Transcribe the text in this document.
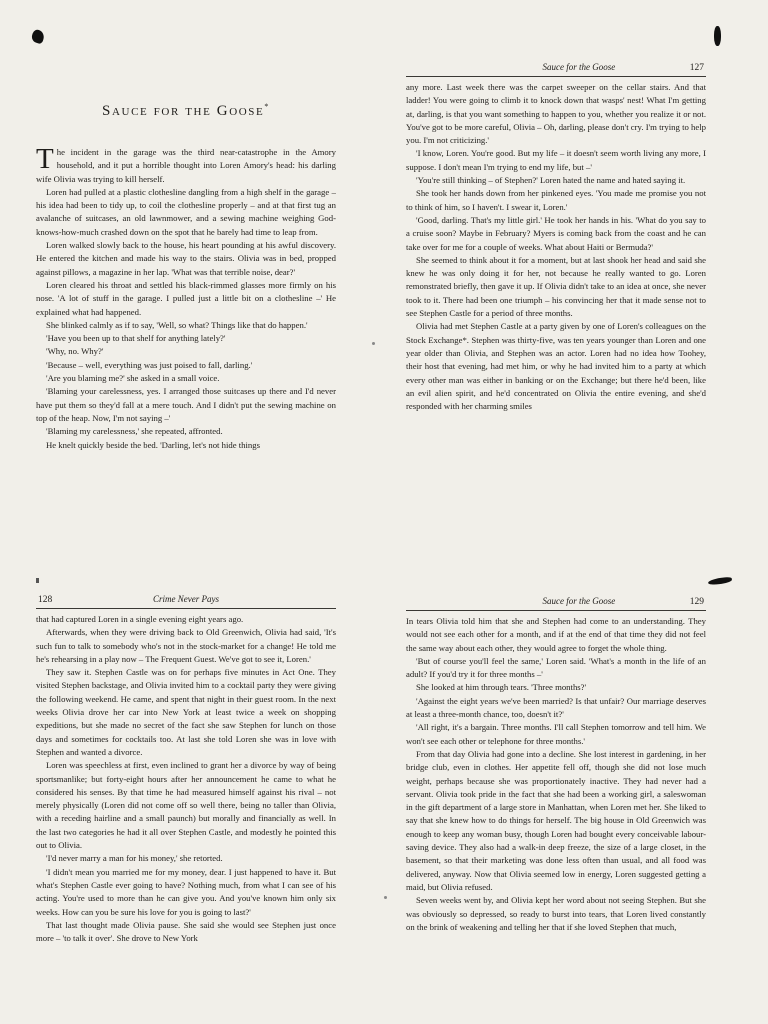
Sauce for the Goose*

The incident in the garage was the third near-catastrophe in the Amory household, and it put a horrible thought into Loren Amory's head: his darling wife Olivia was trying to kill herself.

Loren had pulled at a plastic clothesline dangling from a high shelf in the garage – his idea had been to tidy up, to coil the clothesline properly – and at that first tug an avalanche of suitcases, an old lawnmower, and a sewing machine weighing God-knows-how-much crashed down on the spot that he barely had time to leap from.

Loren walked slowly back to the house, his heart pounding at his awful discovery. He entered the kitchen and made his way to the stairs. Olivia was in bed, propped against pillows, a magazine in her lap. 'What was that terrible noise, dear?'

Loren cleared his throat and settled his black-rimmed glasses more firmly on his nose. 'A lot of stuff in the garage. I pulled just a little bit on a clothesline –' He explained what had happened.

She blinked calmly as if to say, 'Well, so what? Things like that do happen.'

'Have you been up to that shelf for anything lately?'

'Why, no. Why?'

'Because – well, everything was just poised to fall, darling.'

'Are you blaming me?' she asked in a small voice.

'Blaming your carelessness, yes. I arranged those suitcases up there and I'd never have put them so they'd fall at a mere touch. And I didn't put the sewing machine on top of the heap. Now, I'm not saying –'

'Blaming my carelessness,' she repeated, affronted.

He knelt quickly beside the bed. 'Darling, let's not hide things

Sauce for the Goose	127

any more. Last week there was the carpet sweeper on the cellar stairs. And that ladder! You were going to climb it to knock down that wasps' nest! What I'm getting at, darling, is that you want something to happen to you, whether you realize it or not. You've got to be more careful, Olivia – Oh, darling, please don't cry. I'm trying to help you. I'm not criticizing.'

'I know, Loren. You're good. But my life – it doesn't seem worth living any more, I suppose. I don't mean I'm trying to end my life, but –'

'You're still thinking – of Stephen?' Loren hated the name and hated saying it.

She took her hands down from her pinkened eyes. 'You made me promise you not to think of him, so I haven't. I swear it, Loren.'

'Good, darling. That's my little girl.' He took her hands in his. 'What do you say to a cruise soon? Maybe in February? Myers is coming back from the coast and he can take over for me for a couple of weeks. What about Haiti or Bermuda?'

She seemed to think about it for a moment, but at last shook her head and said she knew he was only doing it for her, not because he really wanted to go. Loren remonstrated briefly, then gave it up. If Olivia didn't take to an idea at once, she never took to it. There had been one triumph – his convincing her that it made sense not to see Stephen Castle for a period of three months.

Olivia had met Stephen Castle at a party given by one of Loren's colleagues on the Stock Exchange*. Stephen was thirty-five, was ten years younger than Loren and one year older than Olivia, and Stephen was an actor. Loren had no idea how Toohey, their host that evening, had met him, or why he had invited him to a party at which every other man was either in banking or on the Exchange; but there he'd been, like an evil alien spirit, and he'd concentrated on Olivia the entire evening, and she'd responded with her charming smiles

128	Crime Never Pays

that had captured Loren in a single evening eight years ago.

Afterwards, when they were driving back to Old Greenwich, Olivia had said, 'It's such fun to talk to somebody who's not in the stock-market for a change! He told me he's rehearsing in a play now – The Frequent Guest. We've got to see it, Loren.'

They saw it. Stephen Castle was on for perhaps five minutes in Act One. They visited Stephen backstage, and Olivia invited him to a cocktail party they were giving the following weekend. He came, and spent that night in their guest room. In the next weeks Olivia drove her car into New York at least twice a week on shopping expeditions, but she made no secret of the fact she saw Stephen for lunch on those days and sometimes for cocktails too. At last she told Loren she was in love with Stephen and wanted a divorce.

Loren was speechless at first, even inclined to grant her a divorce by way of being sportsmanlike; but forty-eight hours after her announcement he came to what he considered his senses. By that time he had measured himself against his rival – not merely physically (Loren did not come off so well there, being no taller than Olivia, with a receding hairline and a small paunch) but morally and financially as well. In the last two categories he had it all over Stephen Castle, and modestly he pointed this out to Olivia.

'I'd never marry a man for his money,' she retorted.

'I didn't mean you married me for my money, dear. I just happened to have it. But what's Stephen Castle ever going to have? Nothing much, from what I can see of his acting. You're used to more than he can give you. And you've known him only six weeks. How can you be sure his love for you is going to last?'

That last thought made Olivia pause. She said she would see Stephen just once more – 'to talk it over'. She drove to New York

Sauce for the Goose	129

In tears Olivia told him that she and Stephen had come to an understanding. They would not see each other for a month, and if at the end of that time they did not feel the same way about each other, they would agree to forget the whole thing.

'But of course you'll feel the same,' Loren said. 'What's a month in the life of an adult? If you'd try it for three months –'

She looked at him through tears. 'Three months?'

'Against the eight years we've been married? Is that unfair? Our marriage deserves at least a three-month chance, too, doesn't it?'

'All right, it's a bargain. Three months. I'll call Stephen tomorrow and tell him. We won't see each other or telephone for three months.'

From that day Olivia had gone into a decline. She lost interest in gardening, in her bridge club, even in clothes. Her appetite fell off, though she did not lose much weight, perhaps because she was proportionately inactive. They had never had a servant. Olivia took pride in the fact that she had been a working girl, a saleswoman in the gift department of a large store in Manhattan, when Loren met her. She liked to say that she knew how to do things for herself. The big house in Old Greenwich was enough to keep any woman busy, though Loren had bought every conceivable labour-saving device. They also had a walk-in deep freeze, the size of a large closet, in the basement, so that their marketing was done less often than usual, and all food was delivered, anyway. Now that Olivia seemed low in energy, Loren suggested getting a maid, but Olivia refused.

Seven weeks went by, and Olivia kept her word about not seeing Stephen. But she was obviously so depressed, so ready to burst into tears, that Loren lived constantly on the brink of weakening and telling her that if she loved Stephen that much,
